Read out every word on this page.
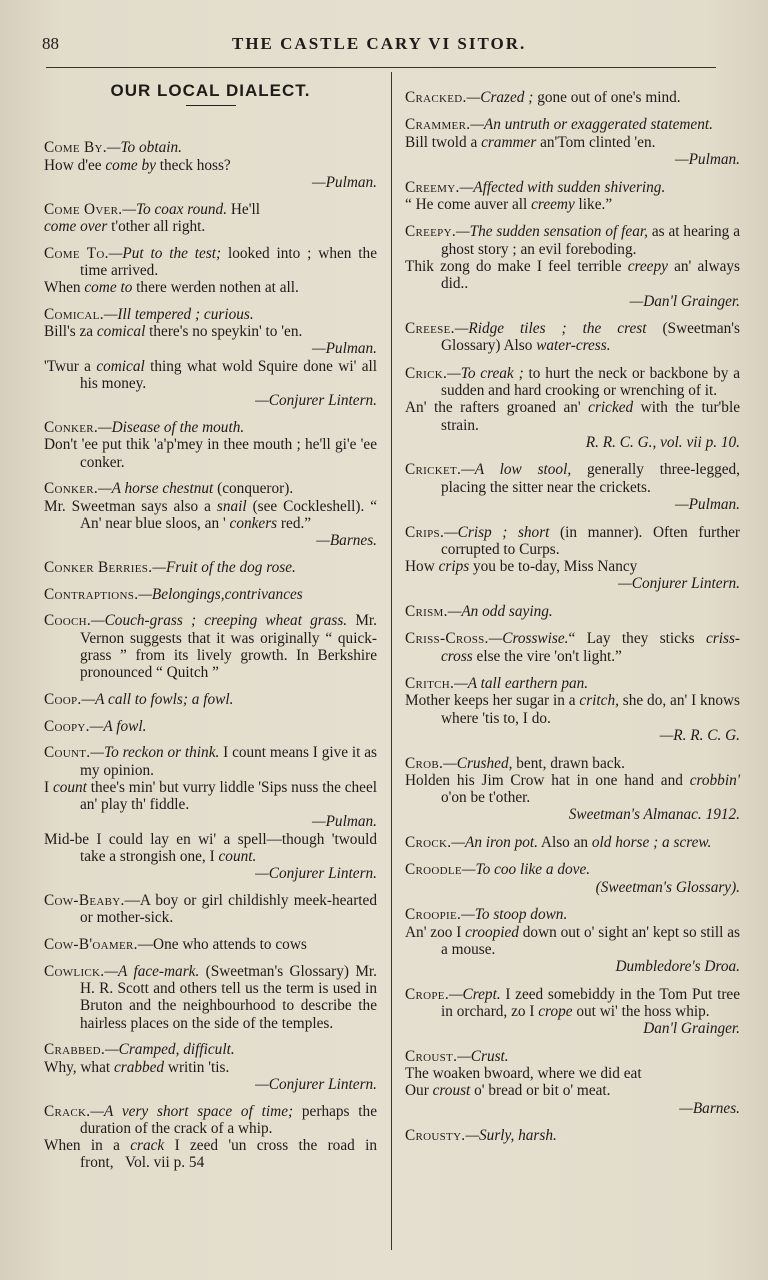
88	THE CASTLE CARY VI SITOR.
OUR LOCAL DIALECT.
Come By.—To obtain.
How d'ee come by theck hoss?
—Pulman.
Come Over.—To coax round. He'll
come over t'other all right.
Come To.—Put to the test; looked into ; when the time arrived.
When come to there werden nothen at all.
Comical.—Ill tempered ; curious.
Bill's za comical there's no speykin' to 'en.
—Pulman.
'Twur a comical thing what wold Squire done wi' all his money.
—Conjurer Lintern.
Conker.—Disease of the mouth.
Don't 'ee put thik 'a'p'mey in thee mouth ; he'll gi'e 'ee conker.
Conker.—A horse chestnut (conqueror).
Mr. Sweetman says also a snail (see Cockleshell). “ An' near blue sloos, an ' conkers red.”
—Barnes.
Conker Berries.—Fruit of the dog rose.
Contraptions.—Belongings,contrivances
Cooch.—Couch-grass ; creeping wheat grass. Mr. Vernon suggests that it was originally “ quick-grass ” from its lively growth. In Berkshire pronounced “ Quitch ”
Coop.—A call to fowls; a fowl.
Coopy.—A fowl.
Count.—To reckon or think. I count means I give it as my opinion.
I count thee's min' but vurry liddle 'Sips nuss the cheel an' play th' fiddle.
—Pulman.
Mid-be I could lay en wi' a spell—though 'twould take a strongish one, I count.
—Conjurer Lintern.
Cow-Beaby.—A boy or girl childishly meek-hearted or mother-sick.
Cow-B'oamer.—One who attends to cows
Cowlick.—A face-mark. (Sweetman's Glossary) Mr. H. R. Scott and others tell us the term is used in Bruton and the neighbourhood to describe the hairless places on the side of the temples.
Crabbed.—Cramped, difficult.
Why, what crabbed writin 'tis.
—Conjurer Lintern.
Crack.—A very short space of time; perhaps the duration of the crack of a whip.
When in a crack I zeed 'un cross the road in front,   Vol. vii p. 54
Cracked.—Crazed ; gone out of one's mind.
Crammer.—An untruth or exaggerated statement.
Bill twold a crammer an'Tom clinted 'en.
—Pulman.
Creemy.—Affected with sudden shivering.
“ He come auver all creemy like.”
Creepy.—The sudden sensation of fear, as at hearing a ghost story ; an evil foreboding.
Thik zong do make I feel terrible creepy an' always did..
—Dan'l Grainger.
Creese.—Ridge tiles ; the crest (Sweetman's Glossary) Also water-cress.
Crick.—To creak ; to hurt the neck or backbone by a sudden and hard crooking or wrenching of it.
An' the rafters groaned an' cricked with the tur'ble strain.
R. R. C. G., vol. vii p. 10.
Cricket.—A low stool, generally three-legged, placing the sitter near the crickets.
—Pulman.
Crips.—Crisp ; short (in manner). Often further corrupted to Curps.
How crips you be to-day, Miss Nancy
—Conjurer Lintern.
Crism.—An odd saying.
Criss-Cross.—Crosswise.“ Lay they sticks criss-cross else the vire 'on't light.”
Critch.—A tall earthern pan.
Mother keeps her sugar in a critch, she do, an' I knows where 'tis to, I do.
—R. R. C. G.
Crob.—Crushed, bent, drawn back.
Holden his Jim Crow hat in one hand and crobbin' o'on be t'other.
Sweetman's Almanac. 1912.
Crock.—An iron pot. Also an old horse ; a screw.
Croodle—To coo like a dove.
(Sweetman's Glossary).
Croopie.—To stoop down.
An' zoo I croopied down out o' sight an' kept so still as a mouse.
Dumbledore's Droa.
Crope.—Crept. I zeed somebiddy in the Tom Put tree in orchard, zo I crope out wi' the hoss whip.
Dan'l Grainger.
Croust.—Crust.
The woaken bwoard, where we did eat
Our croust o' bread or bit o' meat.
—Barnes.
Crousty.—Surly, harsh.
